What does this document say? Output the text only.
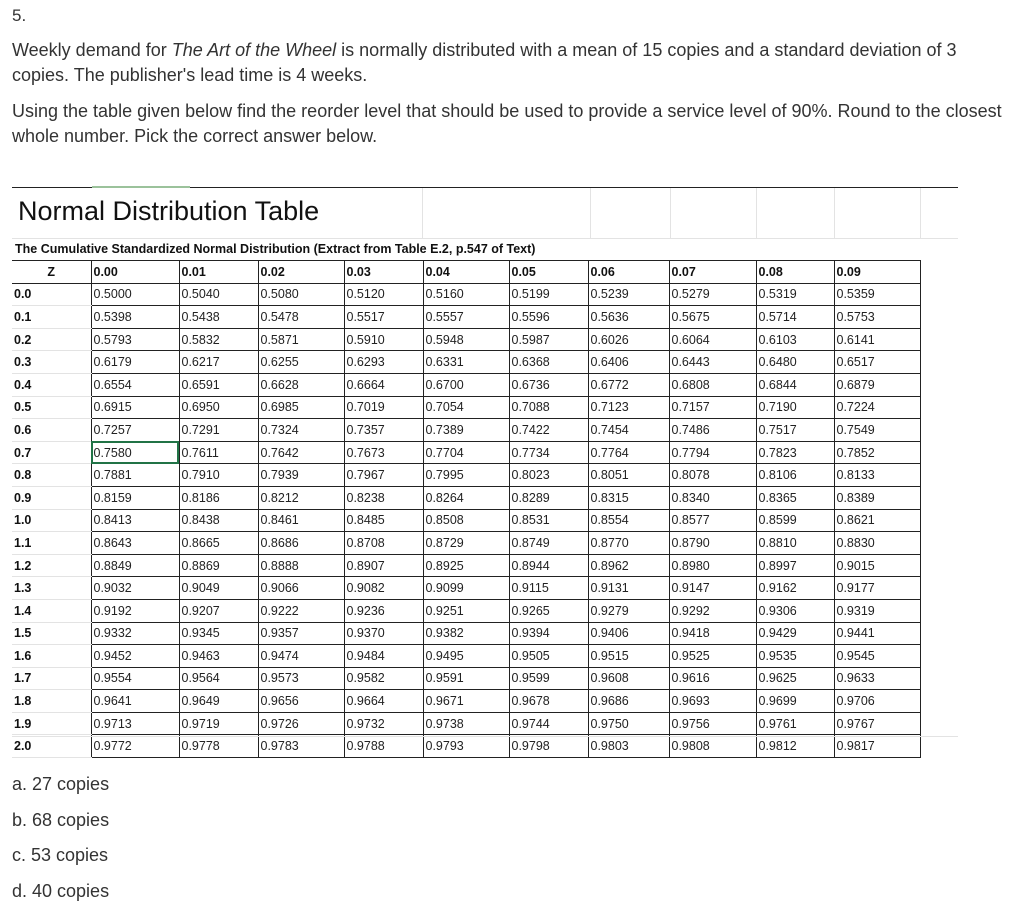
5.

Weekly demand for The Art of the Wheel is normally distributed with a mean of 15 copies and a standard deviation of 3 copies. The publisher's lead time is 4 weeks.

Using the table given below find the reorder level that should be used to provide a service level of 90%. Round to the closest whole number. Pick the correct answer below.

Normal Distribution Table
The Cumulative Standardized Normal Distribution (Extract from Table E.2, p.547 of Text)
Z	0.00	0.01	0.02	0.03	0.04	0.05	0.06	0.07	0.08	0.09
0.0	0.5000	0.5040	0.5080	0.5120	0.5160	0.5199	0.5239	0.5279	0.5319	0.5359
0.1	0.5398	0.5438	0.5478	0.5517	0.5557	0.5596	0.5636	0.5675	0.5714	0.5753
0.2	0.5793	0.5832	0.5871	0.5910	0.5948	0.5987	0.6026	0.6064	0.6103	0.6141
0.3	0.6179	0.6217	0.6255	0.6293	0.6331	0.6368	0.6406	0.6443	0.6480	0.6517
0.4	0.6554	0.6591	0.6628	0.6664	0.6700	0.6736	0.6772	0.6808	0.6844	0.6879
0.5	0.6915	0.6950	0.6985	0.7019	0.7054	0.7088	0.7123	0.7157	0.7190	0.7224
0.6	0.7257	0.7291	0.7324	0.7357	0.7389	0.7422	0.7454	0.7486	0.7517	0.7549
0.7	0.7580	0.7611	0.7642	0.7673	0.7704	0.7734	0.7764	0.7794	0.7823	0.7852
0.8	0.7881	0.7910	0.7939	0.7967	0.7995	0.8023	0.8051	0.8078	0.8106	0.8133
0.9	0.8159	0.8186	0.8212	0.8238	0.8264	0.8289	0.8315	0.8340	0.8365	0.8389
1.0	0.8413	0.8438	0.8461	0.8485	0.8508	0.8531	0.8554	0.8577	0.8599	0.8621
1.1	0.8643	0.8665	0.8686	0.8708	0.8729	0.8749	0.8770	0.8790	0.8810	0.8830
1.2	0.8849	0.8869	0.8888	0.8907	0.8925	0.8944	0.8962	0.8980	0.8997	0.9015
1.3	0.9032	0.9049	0.9066	0.9082	0.9099	0.9115	0.9131	0.9147	0.9162	0.9177
1.4	0.9192	0.9207	0.9222	0.9236	0.9251	0.9265	0.9279	0.9292	0.9306	0.9319
1.5	0.9332	0.9345	0.9357	0.9370	0.9382	0.9394	0.9406	0.9418	0.9429	0.9441
1.6	0.9452	0.9463	0.9474	0.9484	0.9495	0.9505	0.9515	0.9525	0.9535	0.9545
1.7	0.9554	0.9564	0.9573	0.9582	0.9591	0.9599	0.9608	0.9616	0.9625	0.9633
1.8	0.9641	0.9649	0.9656	0.9664	0.9671	0.9678	0.9686	0.9693	0.9699	0.9706
1.9	0.9713	0.9719	0.9726	0.9732	0.9738	0.9744	0.9750	0.9756	0.9761	0.9767
2.0	0.9772	0.9778	0.9783	0.9788	0.9793	0.9798	0.9803	0.9808	0.9812	0.9817
a. 27 copies
b. 68 copies
c. 53 copies
d. 40 copies
